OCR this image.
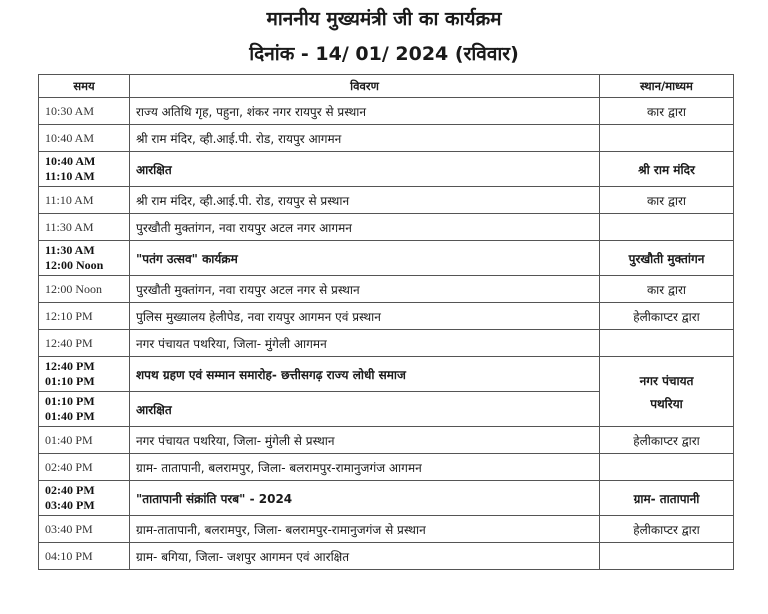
माननीय मुख्यमंत्री जी का कार्यक्रम
दिनांक - 14/ 01/ 2024 (रविवार)
समय	विवरण	स्थान/माध्यम

10:30 AM	राज्य अतिथि गृह, पहुना, शंकर नगर रायपुर से प्रस्थान	कार द्वारा

10:40 AM	श्री राम मंदिर, व्ही.आई.पी. रोड, रायपुर आगमन	

10:40 AM
11:10 AM	आरक्षित	श्री राम मंदिर

11:10 AM	श्री राम मंदिर, व्ही.आई.पी. रोड, रायपुर से प्रस्थान	कार द्वारा

11:30 AM	पुरखौती मुक्तांगन, नवा रायपुर अटल नगर आगमन	

11:30 AM
12:00 Noon	"पतंग उत्सव" कार्यक्रम	पुरखौती मुक्तांगन

12:00 Noon	पुरखौती मुक्तांगन, नवा रायपुर अटल नगर से प्रस्थान	कार द्वारा

12:10 PM	पुलिस मुख्यालय हेलीपेड, नवा रायपुर आगमन एवं प्रस्थान	हेलीकाप्टर द्वारा

12:40 PM	नगर पंचायत पथरिया, जिला- मुंगेली आगमन	

12:40 PM
01:10 PM	शपथ ग्रहण एवं सम्मान समारोह- छत्तीसगढ़ राज्य लोधी समाज	नगर पंचायत
पथरिया

01:10 PM
01:40 PM	आरक्षित	

01:40 PM	नगर पंचायत पथरिया, जिला- मुंगेली से प्रस्थान	हेलीकाप्टर द्वारा

02:40 PM	ग्राम- तातापानी, बलरामपुर, जिला- बलरामपुर-रामानुजगंज आगमन	

02:40 PM
03:40 PM	"तातापानी संक्रांति परब" - 2024	ग्राम- तातापानी

03:40 PM	ग्राम-तातापानी, बलरामपुर, जिला- बलरामपुर-रामानुजगंज से प्रस्थान	हेलीकाप्टर द्वारा

04:10 PM	ग्राम- बगिया, जिला- जशपुर आगमन एवं आरक्षित	
